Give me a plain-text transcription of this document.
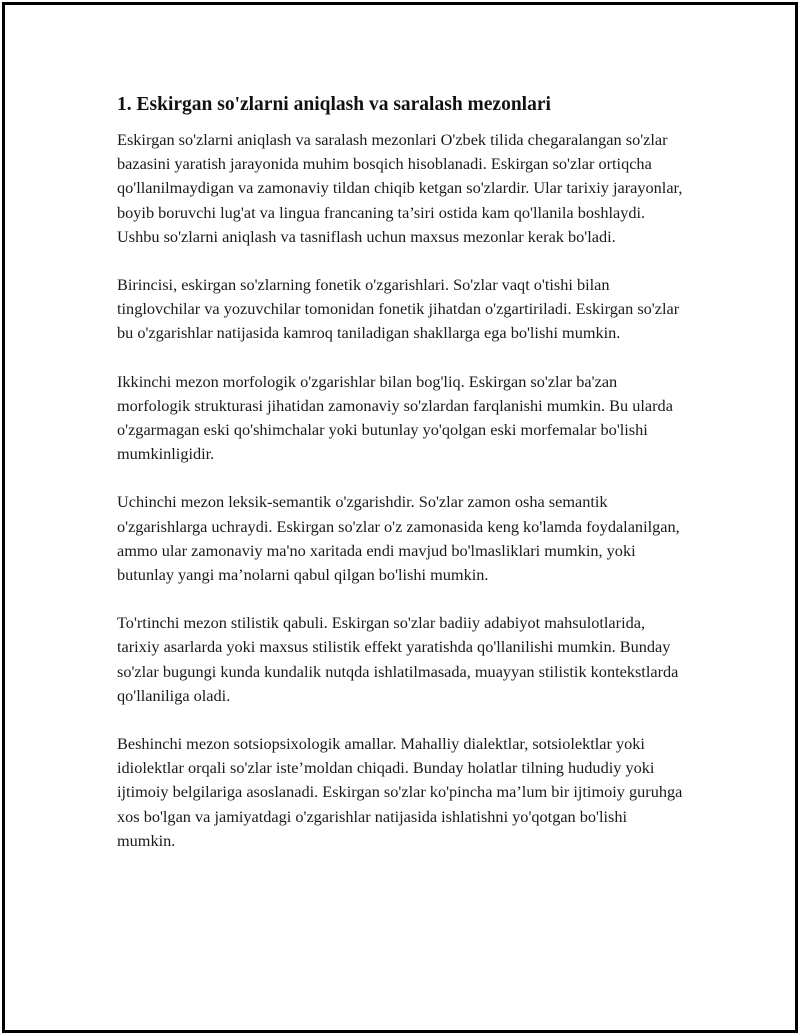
1. Eskirgan so'zlarni aniqlash va saralash mezonlari

Eskirgan so'zlarni aniqlash va saralash mezonlari O'zbek tilida chegaralangan so'zlar bazasini yaratish jarayonida muhim bosqich hisoblanadi. Eskirgan so'zlar ortiqcha qo'llanilmaydigan va zamonaviy tildan chiqib ketgan so'zlardir. Ular tarixiy jarayonlar, boyib boruvchi lug'at va lingua francaning ta’siri ostida kam qo'llanila boshlaydi. Ushbu so'zlarni aniqlash va tasniflash uchun maxsus mezonlar kerak bo'ladi.

Birincisi, eskirgan so'zlarning fonetik o'zgarishlari. So'zlar vaqt o'tishi bilan tinglovchilar va yozuvchilar tomonidan fonetik jihatdan o'zgartiriladi. Eskirgan so'zlar bu o'zgarishlar natijasida kamroq taniladigan shakllarga ega bo'lishi mumkin.

Ikkinchi mezon morfologik o'zgarishlar bilan bog'liq. Eskirgan so'zlar ba'zan morfologik strukturasi jihatidan zamonaviy so'zlardan farqlanishi mumkin. Bu ularda o'zgarmagan eski qo'shimchalar yoki butunlay yo'qolgan eski morfemalar bo'lishi mumkinligidir.

Uchinchi mezon leksik-semantik o'zgarishdir. So'zlar zamon osha semantik o'zgarishlarga uchraydi. Eskirgan so'zlar o'z zamonasida keng ko'lamda foydalanilgan, ammo ular zamonaviy ma'no xaritada endi mavjud bo'lmasliklari mumkin, yoki butunlay yangi ma’nolarni qabul qilgan bo'lishi mumkin.

To'rtinchi mezon stilistik qabuli. Eskirgan so'zlar badiiy adabiyot mahsulotlarida, tarixiy asarlarda yoki maxsus stilistik effekt yaratishda qo'llanilishi mumkin. Bunday so'zlar bugungi kunda kundalik nutqda ishlatilmasada, muayyan stilistik kontekstlarda qo'llaniliga oladi.

Beshinchi mezon sotsiopsixologik amallar. Mahalliy dialektlar, sotsiolektlar yoki idiolektlar orqali so'zlar iste’moldan chiqadi. Bunday holatlar tilning hududiy yoki ijtimoiy belgilariga asoslanadi. Eskirgan so'zlar ko'pincha ma’lum bir ijtimoiy guruhga xos bo'lgan va jamiyatdagi o'zgarishlar natijasida ishlatishni yo'qotgan bo'lishi mumkin.
